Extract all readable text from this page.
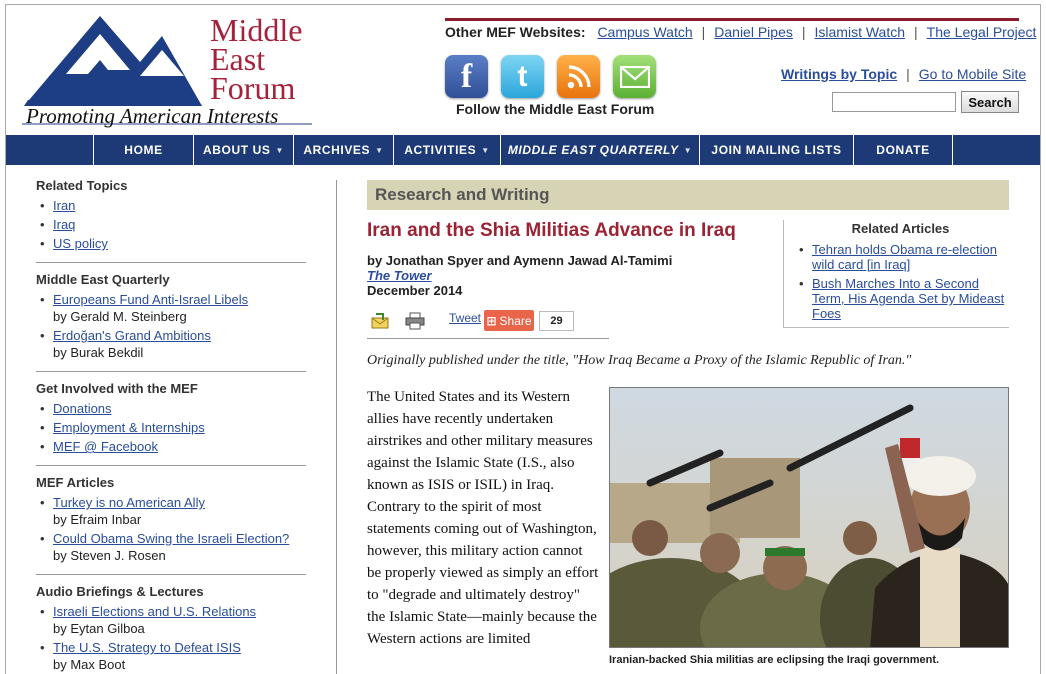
Middle
East
Forum
Promoting American Interests
Other MEF Websites: Campus Watch | Daniel Pipes | Islamist Watch | The Legal Project
f	t
Follow the Middle East Forum
Writings by Topic | Go to Mobile Site
Search
HOME	ABOUT US ▼ ARCHIVES ▼ ACTIVITIES ▼ MIDDLE EAST QUARTERLY ▼ JOIN MAILING LISTS	DONATE
Related Topics
• Iran
• Iraq
• US policy
Middle East Quarterly
• Europeans Fund Anti-Israel Libels
by Gerald M. Steinberg
• Erdoğan's Grand Ambitions
by Burak Bekdil
Get Involved with the MEF
• Donations
• Employment & Internships
• MEF @ Facebook
MEF Articles
• Turkey is no American Ally
by Efraim Inbar
• Could Obama Swing the Israeli Election?
by Steven J. Rosen
Audio Briefings & Lectures
• Israeli Elections and U.S. Relations
by Eytan Gilboa
• The U.S. Strategy to Defeat ISIS
by Max Boot
Research and Writing
Iran and the Shia Militias Advance in Iraq
by Jonathan Spyer and Aymenn Jawad Al-Tamimi
The Tower
December 2014
Tweet ⊞ Share	29
Related Articles
• Tehran holds Obama re-election wild card [in Iraq]
• Bush Marches Into a Second Term, His Agenda Set by Mideast Foes
Originally published under the title, "How Iraq Became a Proxy of the Islamic Republic of Iran."
The United States and its Western allies have recently undertaken airstrikes and other military measures against the Islamic State (I.S., also known as ISIS or ISIL) in Iraq. Contrary to the spirit of most statements coming out of Washington, however, this military action cannot be properly viewed as simply an effort to "degrade and ultimately destroy" the Islamic State—mainly because the Western actions are limited
Iranian-backed Shia militias are eclipsing the Iraqi government.
